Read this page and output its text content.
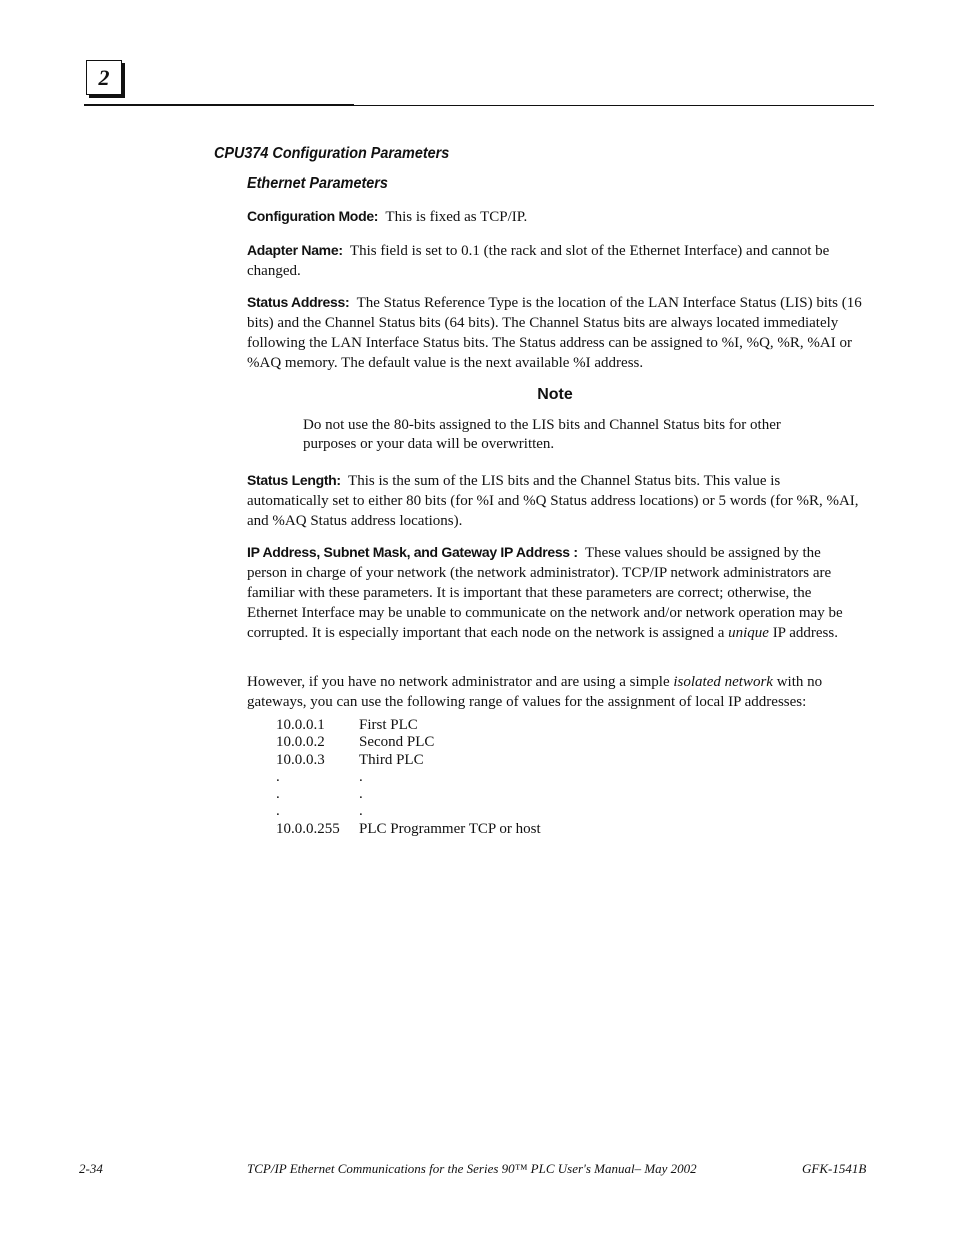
2
CPU374 Configuration Parameters
Ethernet Parameters
Configuration Mode: This is fixed as TCP/IP.
Adapter Name: This field is set to 0.1 (the rack and slot of the Ethernet Interface) and cannot be changed.
Status Address: The Status Reference Type is the location of the LAN Interface Status (LIS) bits (16 bits) and the Channel Status bits (64 bits). The Channel Status bits are always located immediately following the LAN Interface Status bits. The Status address can be assigned to %I, %Q, %R, %AI or %AQ memory. The default value is the next available %I address.
Note
Do not use the 80-bits assigned to the LIS bits and Channel Status bits for other purposes or your data will be overwritten.
Status Length: This is the sum of the LIS bits and the Channel Status bits. This value is automatically set to either 80 bits (for %I and %Q Status address locations) or 5 words (for %R, %AI, and %AQ Status address locations).
IP Address, Subnet Mask, and Gateway IP Address : These values should be assigned by the person in charge of your network (the network administrator). TCP/IP network administrators are familiar with these parameters. It is important that these parameters are correct; otherwise, the Ethernet Interface may be unable to communicate on the network and/or network operation may be corrupted. It is especially important that each node on the network is assigned a unique IP address.
However, if you have no network administrator and are using a simple isolated network with no gateways, you can use the following range of values for the assignment of local IP addresses:
10.0.0.1	First PLC
10.0.0.2	Second PLC
10.0.0.3	Third PLC
.	.
.	.
.	.
10.0.0.255	PLC Programmer TCP or host
2-34	TCP/IP Ethernet Communications for the Series 90™ PLC User's Manual– May 2002	GFK-1541B
